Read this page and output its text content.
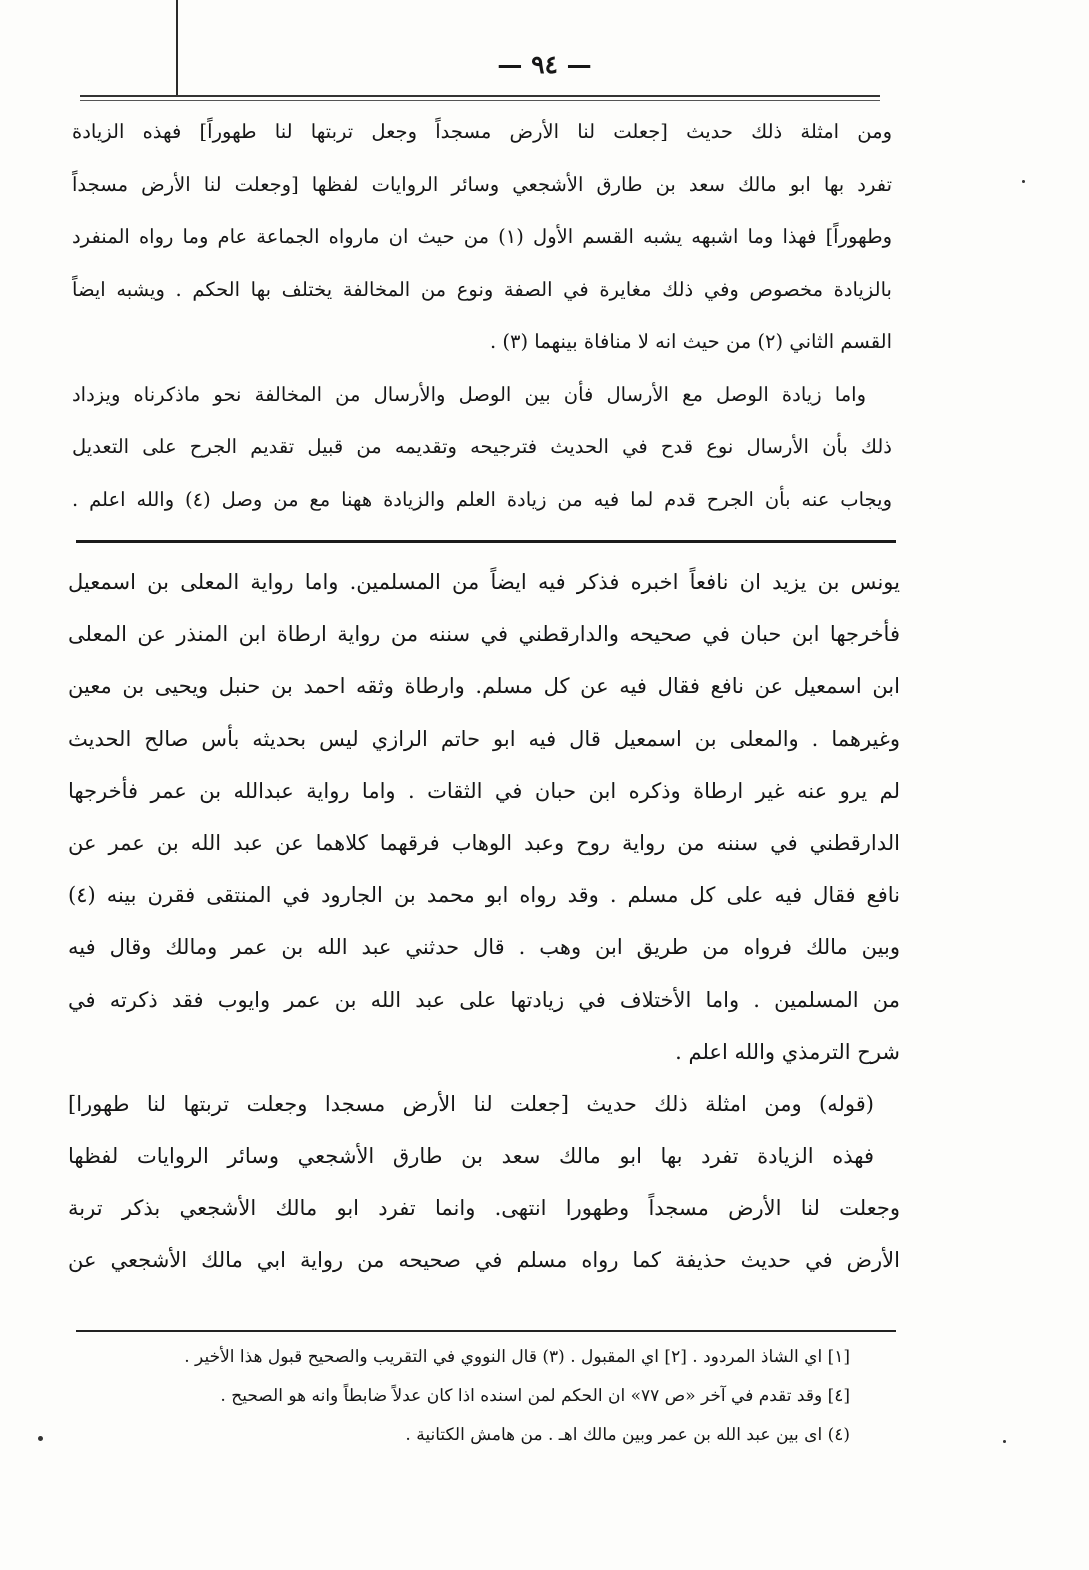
— ٩٤ —
ومن امثلة ذلك حديث [جعلت لنا الأرض مسجداً وجعل تربتها لنا طهوراً] فهذه الزيادة
تفرد بها ابو مالك سعد بن طارق الأشجعي وسائر الروايات لفظها [وجعلت لنا الأرض مسجداً
وطهوراً] فهذا وما اشبهه يشبه القسم الأول (١) من حيث ان ماروا‌ه الجماعة عام وما رواه المنفرد
بالزيادة مخصوص وفي ذلك مغايرة في الصفة ونوع من المخالفة يختلف بها الحكم . ويشبه ايضاً
القسم الثاني (٢) من حيث انه لا منافاة بينهما (٣) .
واما زيادة الوصل مع الأرسال فأن بين الوصل والأرسال من المخالفة نحو ماذكرناه ويزداد
ذلك بأن الأرسال نوع قدح في الحديث فترجيحه وتقديمه من قبيل تقديم الجرح على التعديل
ويجاب عنه بأن الجرح قدم لما فيه من زيادة العلم والزيادة ههنا مع من وصل (٤) والله اعلم .
يونس بن يزيد ان نافعاً اخبره فذكر فيه ايضاً من المسلمين. واما رواية المعلى بن اسمعيل
فأخرجها ابن حبان في صحيحه والدارقطني في سننه من رواية ارطاة ابن المنذر عن المعلى
ابن اسمعيل عن نافع فقال فيه عن كل مسلم. وارطاة وثقه احمد بن حنبل ويحيى بن معين
وغيرهما . والمعلى بن اسمعيل قال فيه ابو حاتم الرازي ليس بحديثه بأس صالح الحديث
لم يرو عنه غير ارطاة وذكره ابن حبان في الثقات . واما رواية عبدالله بن عمر فأخرجها
الدارقطني في سننه من رواية روح وعبد الوهاب فرقهما كلاهما عن عبد الله بن عمر عن
نافع فقال فيه على كل مسلم . وقد رواه ابو محمد بن الجارود في المنتقى فقرن بينه (٤)
وبين مالك فرواه من طريق ابن وهب . قال حدثني عبد الله بن عمر ومالك وقال فيه
من المسلمين . واما الأختلاف في زيادتها على عبد الله بن عمر وايوب فقد ذكرته في
شرح الترمذي والله اعلم .
(قوله) ومن امثلة ذلك حديث [جعلت لنا الأرض مسجدا وجعلت تربتها لنا طهورا]
فهذه الزيادة تفرد بها ابو مالك سعد بن طارق الأشجعي وسائر الروايات لفظها
وجعلت لنا الأرض مسجداً وطهورا انتهى. وانما تفرد ابو مالك الأشجعي بذكر تربة
الأرض في حديث حذيفة كما رواه مسلم في صحيحه من رواية ابي مالك الأشجعي عن
[١] اي الشاذ المردود . [٢] اي المقبول . (٣) قال النووي في التقريب والصحيح قبول هذا الأخير .
[٤] وقد تقدم في آخر «ص ٧٧» ان الحكم لمن اسنده اذا كان عدلاً ضابطاً وانه هو الصحيح .
(٤) اى بين عبد الله بن عمر وبين مالك اهـ . من هامش الكتانية .
